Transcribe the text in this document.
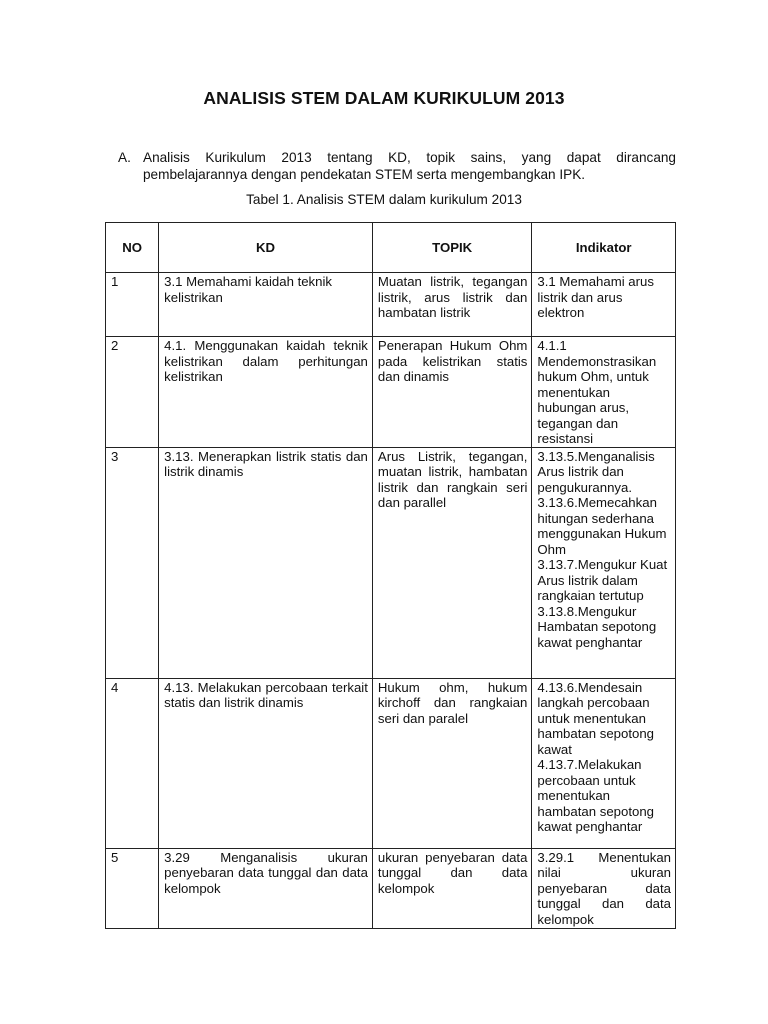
ANALISIS STEM DALAM KURIKULUM 2013
A. Analisis Kurikulum 2013 tentang KD, topik sains, yang dapat dirancang pembelajarannya dengan pendekatan STEM serta mengembangkan IPK.
Tabel 1. Analisis STEM dalam kurikulum 2013
NO	KD	TOPIK	Indikator
1	3.1 Memahami kaidah teknik kelistrikan	Muatan listrik, tegangan listrik, arus listrik dan hambatan listrik	3.1 Memahami arus listrik dan arus elektron

2	4.1. Menggunakan kaidah teknik kelistrikan dalam perhitungan kelistrikan	Penerapan Hukum Ohm pada kelistrikan statis dan dinamis	4.1.1 Mendemonstrasikan hukum Ohm, untuk menentukan hubungan arus, tegangan dan resistansi

3	3.13. Menerapkan listrik statis dan listrik dinamis	Arus Listrik, tegangan, muatan listrik, hambatan listrik dan rangkain seri dan parallel	3.13.5.Menganalisis Arus listrik dan pengukurannya.
3.13.6.Memecahkan hitungan sederhana menggunakan Hukum Ohm
3.13.7.Mengukur Kuat Arus listrik dalam rangkaian tertutup
3.13.8.Mengukur Hambatan sepotong kawat penghantar

4	4.13. Melakukan percobaan terkait statis dan listrik dinamis	Hukum ohm, hukum kirchoff dan rangkaian seri dan paralel	4.13.6.Mendesain langkah percobaan untuk menentukan hambatan sepotong kawat
4.13.7.Melakukan percobaan untuk menentukan hambatan sepotong kawat penghantar

5	3.29 Menganalisis ukuran penyebaran data tunggal dan data kelompok	ukuran penyebaran data tunggal dan data kelompok	3.29.1 Menentukan nilai ukuran penyebaran data tunggal dan data kelompok
